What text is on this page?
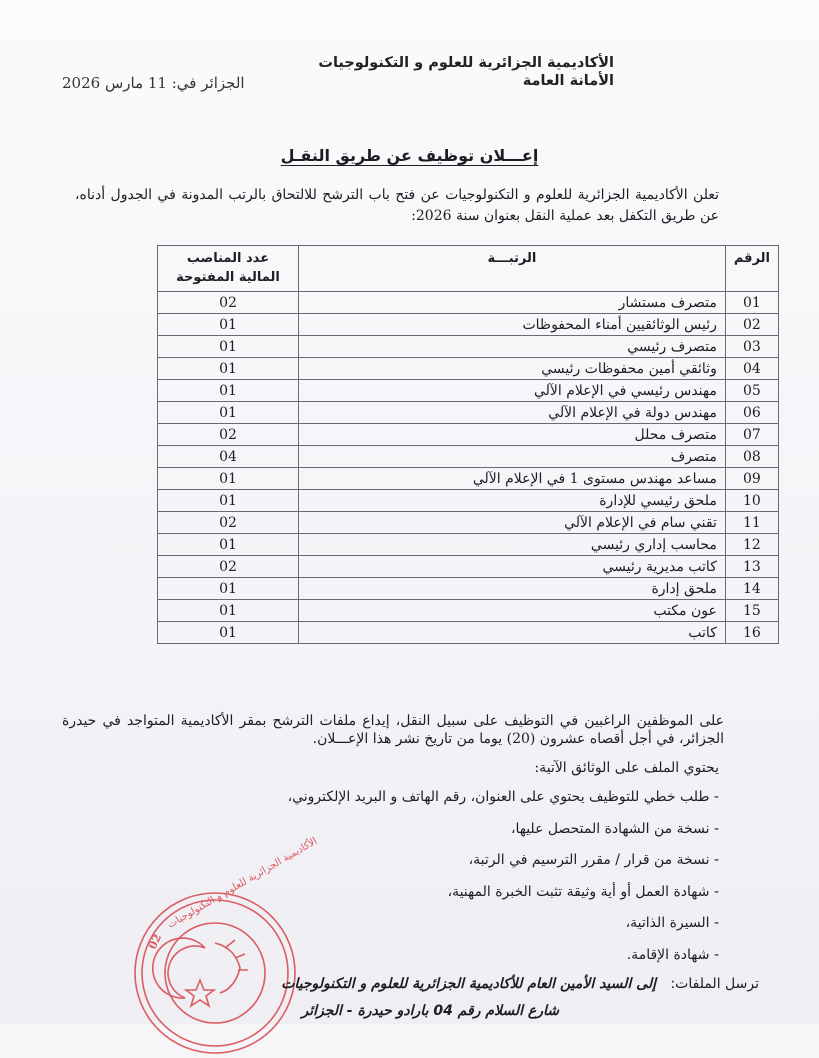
الأكاديمية الجزائرية للعلوم و التكنولوجيات
الأمانة العامة
الجزائر في: 11 مارس 2026
إعـــلان توظيف عن طريق النقـل
تعلن الأكاديمية الجزائرية للعلوم و التكنولوجيات عن فتح باب الترشح للالتحاق بالرتب المدونة في الجدول أدناه، عن طريق التكفل بعد عملية النقل بعنوان سنة 2026:
الرقم	الرتبـــة	عدد المناصب
المالية المفتوحة

01	متصرف مستشار	02
02	رئيس الوثائقيين أمناء المحفوظات	01
03	متصرف رئيسي	01
04	وثائقي أمين محفوظات رئيسي	01
05	مهندس رئيسي في الإعلام الآلي	01
06	مهندس دولة في الإعلام الآلي	01
07	متصرف محلل	02
08	متصرف	04
09	مساعد مهندس مستوى 1 في الإعلام الآلي	01
10	ملحق رئيسي للإدارة	01
11	تقني سام في الإعلام الآلي	02
12	محاسب إداري رئيسي	01
13	كاتب مديرية رئيسي	02
14	ملحق إدارة	01
15	عون مكتب	01
16	كاتب	01
على الموظفين الراغبين في التوظيف على سبيل النقل، إيداع ملفات الترشح بمقر الأكاديمية المتواجد في حيدرة الجزائر، في أجل أقصاه عشرون (20) يوما من تاريخ نشر هذا الإعـــلان.
يحتوي الملف على الوثائق الآتية:
- طلب خطي للتوظيف يحتوي على العنوان، رقم الهاتف و البريد الإلكتروني،
- نسخة من الشهادة المتحصل عليها،
- نسخة من قرار / مقرر الترسيم في الرتبة،
- شهادة العمل أو أية وثيقة تثبت الخبرة المهنية،
- السيرة الذاتية،
- شهادة الإقامة.
الأكاديمية الجزائرية للعلوم و التكنولوجيات
02
ترسل الملفات: إلى السيد الأمين العام للأكاديمية الجزائرية للعلوم و التكنولوجيات
شارع السلام رقم 04 بارادو حيدرة - الجزائر
